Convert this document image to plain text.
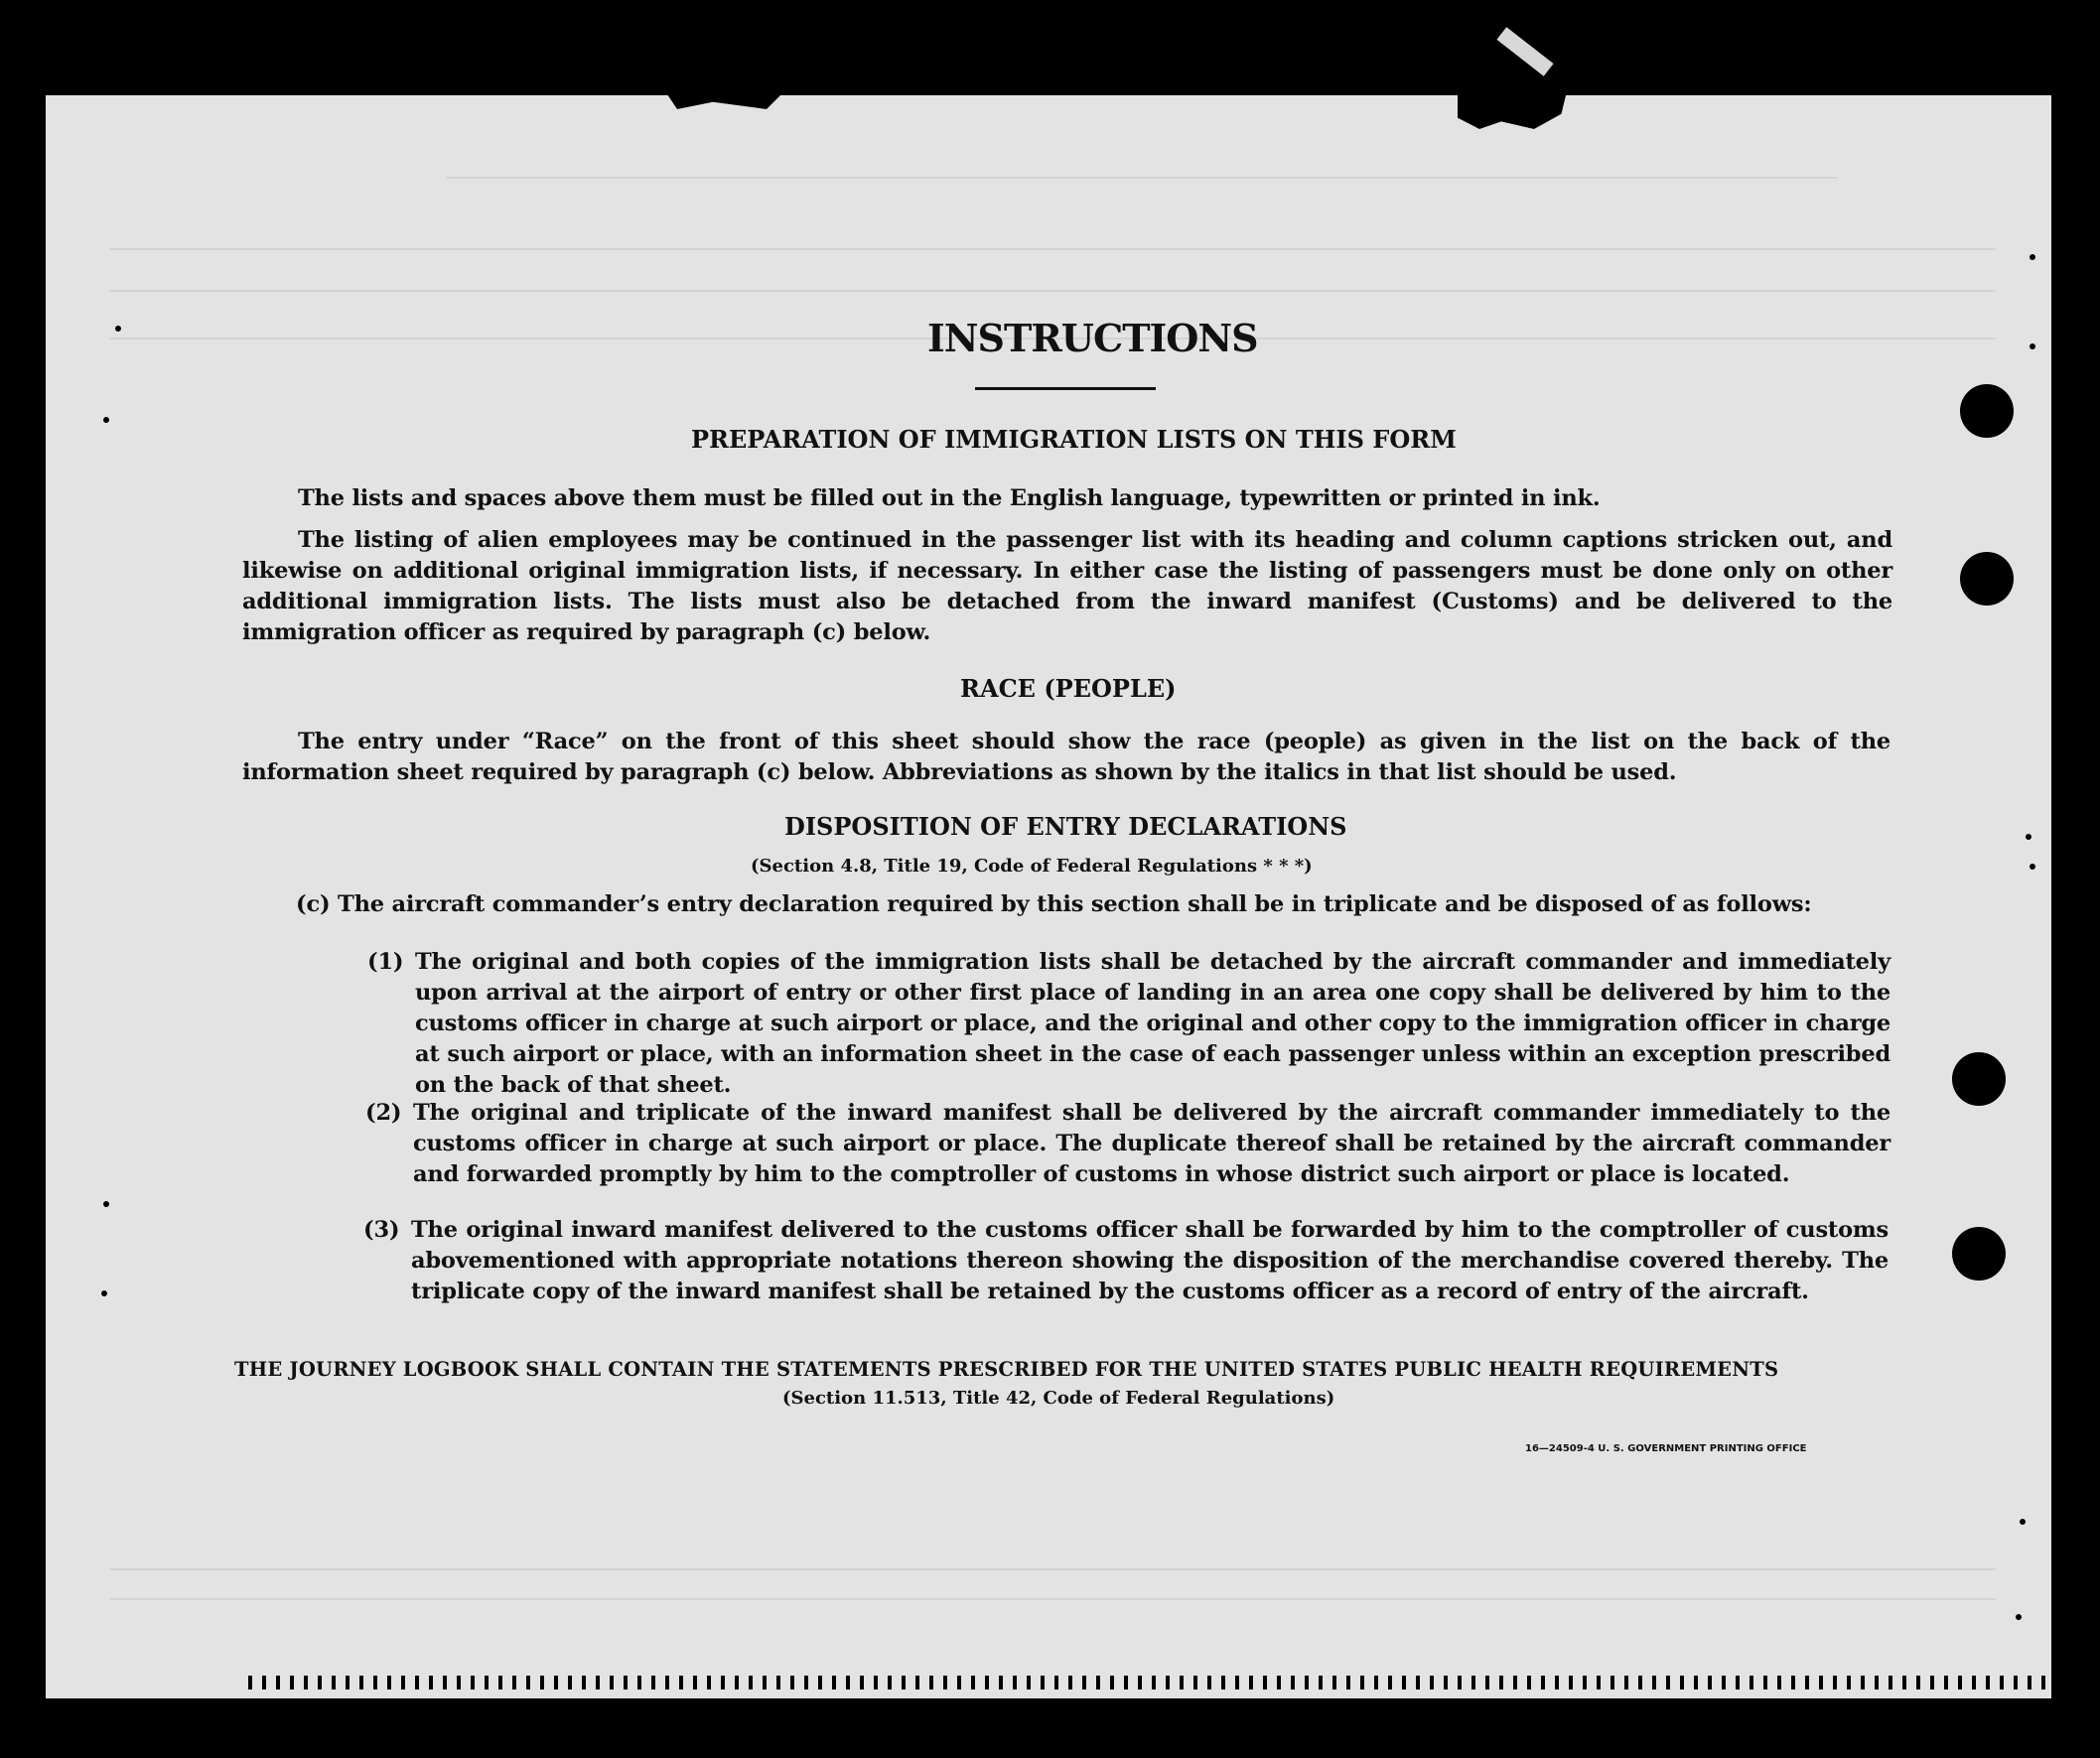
INSTRUCTIONS
PREPARATION OF IMMIGRATION LISTS ON THIS FORM
The lists and spaces above them must be filled out in the English language, typewritten or printed in ink.
The listing of alien employees may be continued in the passenger list with its heading and column captions stricken out, and likewise on additional original immigration lists, if necessary. In either case the listing of passengers must be done only on other additional immigration lists. The lists must also be detached from the inward manifest (Customs) and be delivered to the immigration officer as required by paragraph (c) below.
RACE (PEOPLE)
The entry under “Race” on the front of this sheet should show the race (people) as given in the list on the back of the information sheet required by paragraph (c) below. Abbreviations as shown by the italics in that list should be used.
DISPOSITION OF ENTRY DECLARATIONS
(Section 4.8, Title 19, Code of Federal Regulations * * *)
(c) The aircraft commander’s entry declaration required by this section shall be in triplicate and be disposed of as follows:
(1) The original and both copies of the immigration lists shall be detached by the aircraft commander and immediately upon arrival at the airport of entry or other first place of landing in an area one copy shall be delivered by him to the customs officer in charge at such airport or place, and the original and other copy to the immigration officer in charge at such airport or place, with an information sheet in the case of each passenger unless within an exception prescribed on the back of that sheet.
(2) The original and triplicate of the inward manifest shall be delivered by the aircraft commander immediately to the customs officer in charge at such airport or place. The duplicate thereof shall be retained by the aircraft commander and forwarded promptly by him to the comptroller of customs in whose district such airport or place is located.
(3) The original inward manifest delivered to the customs officer shall be forwarded by him to the comptroller of customs abovementioned with appropriate notations thereon showing the disposition of the merchandise covered thereby. The triplicate copy of the inward manifest shall be retained by the customs officer as a record of entry of the aircraft.
THE JOURNEY LOGBOOK SHALL CONTAIN THE STATEMENTS PRESCRIBED FOR THE UNITED STATES PUBLIC HEALTH REQUIREMENTS
(Section 11.513, Title 42, Code of Federal Regulations)
16—24509-4 U. S. GOVERNMENT PRINTING OFFICE
